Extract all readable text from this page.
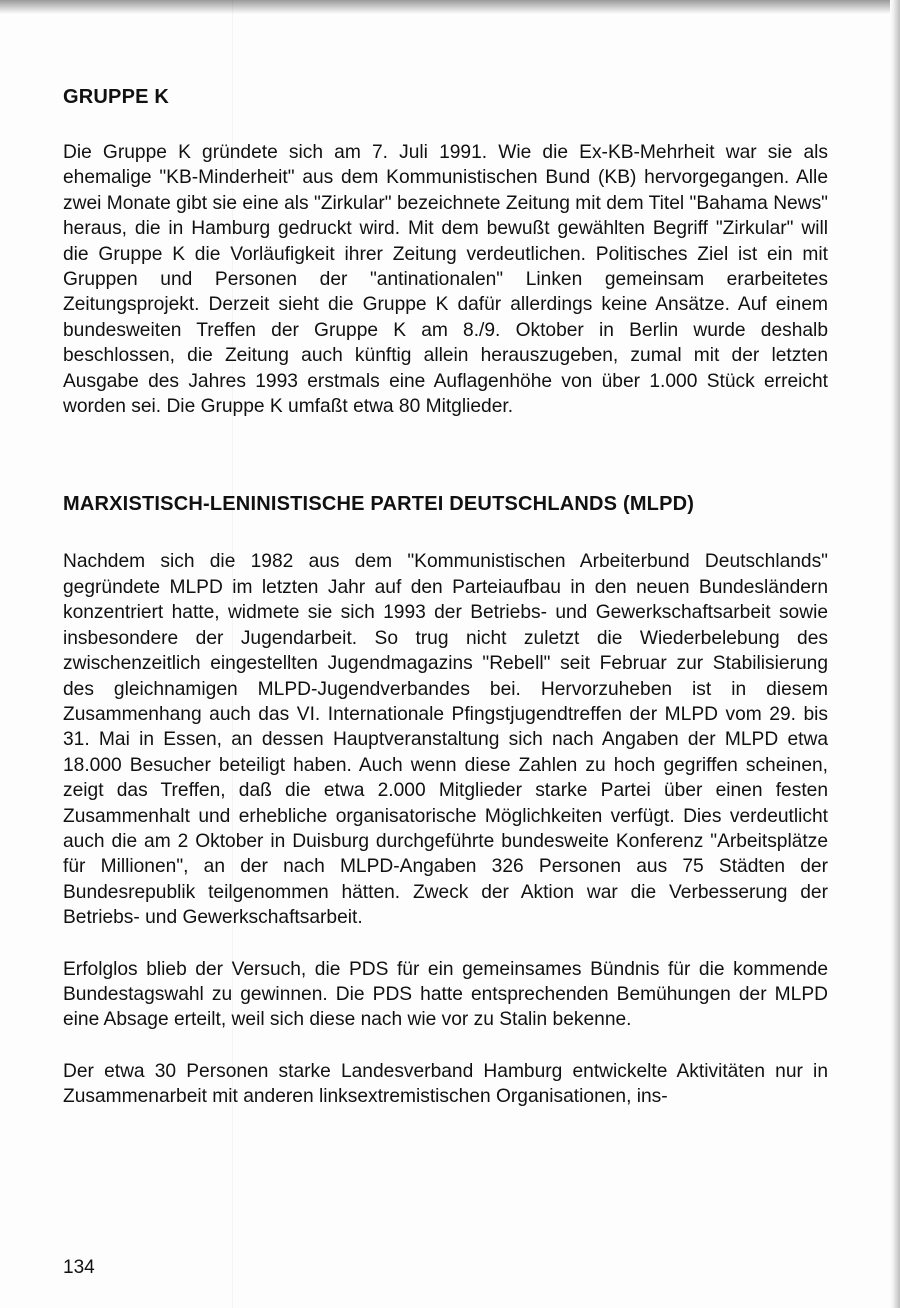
GRUPPE K

Die Gruppe K gründete sich am 7. Juli 1991. Wie die Ex-KB-Mehrheit war sie als ehemalige "KB-Minderheit" aus dem Kommunistischen Bund (KB) hervorgegangen. Alle zwei Monate gibt sie eine als "Zirkular" bezeichnete Zeitung mit dem Titel "Bahama News" heraus, die in Hamburg gedruckt wird. Mit dem bewußt gewählten Begriff "Zirkular" will die Gruppe K die Vorläufigkeit ihrer Zeitung verdeutlichen. Politisches Ziel ist ein mit Gruppen und Personen der "antinationalen" Linken gemeinsam erarbeitetes Zeitungsprojekt. Derzeit sieht die Gruppe K dafür allerdings keine Ansätze. Auf einem bundesweiten Treffen der Gruppe K am 8./9. Oktober in Berlin wurde deshalb beschlossen, die Zeitung auch künftig allein herauszugeben, zumal mit der letzten Ausgabe des Jahres 1993 erstmals eine Auflagenhöhe von über 1.000 Stück erreicht worden sei. Die Gruppe K umfaßt etwa 80 Mitglieder.

MARXISTISCH-LENINISTISCHE PARTEI DEUTSCHLANDS (MLPD)

Nachdem sich die 1982 aus dem "Kommunistischen Arbeiterbund Deutschlands" gegründete MLPD im letzten Jahr auf den Parteiaufbau in den neuen Bundesländern konzentriert hatte, widmete sie sich 1993 der Betriebs- und Gewerkschaftsarbeit sowie insbesondere der Jugendarbeit. So trug nicht zuletzt die Wiederbelebung des zwischenzeitlich eingestellten Jugendmagazins "Rebell" seit Februar zur Stabilisierung des gleichnamigen MLPD-Jugendverbandes bei. Hervorzuheben ist in diesem Zusammenhang auch das VI. Internationale Pfingstjugendtreffen der MLPD vom 29. bis 31. Mai in Essen, an dessen Hauptveranstaltung sich nach Angaben der MLPD etwa 18.000 Besucher beteiligt haben. Auch wenn diese Zahlen zu hoch gegriffen scheinen, zeigt das Treffen, daß die etwa 2.000 Mitglieder starke Partei über einen festen Zusammenhalt und erhebliche organisatorische Möglichkeiten verfügt. Dies verdeutlicht auch die am 2 Oktober in Duisburg durchgeführte bundesweite Konferenz "Arbeitsplätze für Millionen", an der nach MLPD-Angaben 326 Personen aus 75 Städten der Bundesrepublik teilgenommen hätten. Zweck der Aktion war die Verbesserung der Betriebs- und Gewerkschaftsarbeit.

Erfolglos blieb der Versuch, die PDS für ein gemeinsames Bündnis für die kommende Bundestagswahl zu gewinnen. Die PDS hatte entsprechenden Bemühungen der MLPD eine Absage erteilt, weil sich diese nach wie vor zu Stalin bekenne.

Der etwa 30 Personen starke Landesverband Hamburg entwickelte Aktivitäten nur in Zusammenarbeit mit anderen linksextremistischen Organisationen, ins-

134
